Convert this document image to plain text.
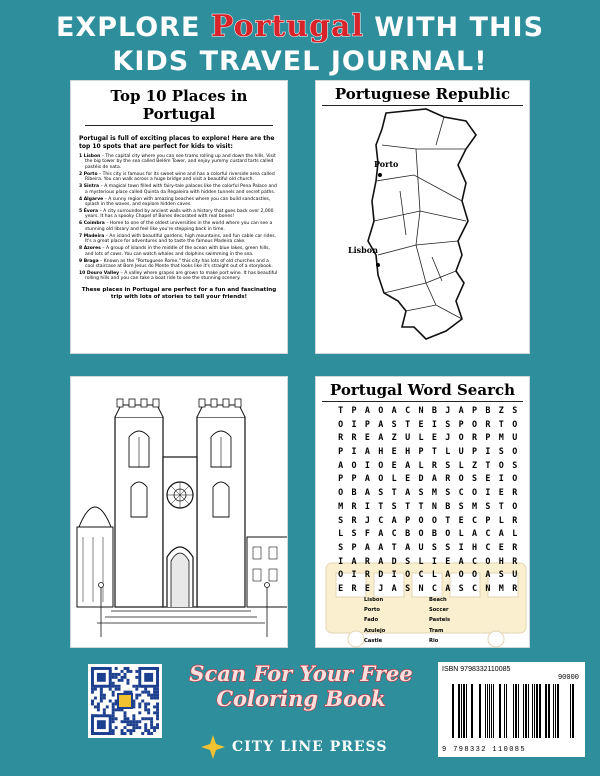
EXPLORE Portugal WITH THIS
KIDS TRAVEL JOURNAL!
Top 10 Places in Portugal
Portugal is full of exciting places to explore! Here are the top 10 spots that are perfect for kids to visit:
1 Lisbon – The capital city where you can see trams rolling up and down the hills. Visit the big tower by the sea called Belém Tower, and enjoy yummy custard tarts called pastéis de nata.
2 Porto – This city is famous for its sweet wine and has a colorful riverside area called Ribeira. You can walk across a huge bridge and visit a beautiful old church.
3 Sintra – A magical town filled with fairy-tale palaces like the colorful Pena Palace and a mysterious place called Quinta da Regaleira with hidden tunnels and secret paths.
4 Algarve – A sunny region with amazing beaches where you can build sandcastles, splash in the waves, and explore hidden caves.
5 Évora – A city surrounded by ancient walls with a history that goes back over 2,000 years. It has a spooky Chapel of Bones decorated with real bones!
6 Coimbra – Home to one of the oldest universities in the world where you can see a stunning old library and feel like you're stepping back in time.
7 Madeira – An island with beautiful gardens, high mountains, and fun cable car rides. It's a great place for adventures and to taste the famous Madeira cake.
8 Azores – A group of islands in the middle of the ocean with blue lakes, green hills, and lots of cows. You can watch whales and dolphins swimming in the sea.
9 Braga – Known as the "Portuguese Rome," this city has lots of old churches and a cool staircase at Bom Jesus do Monte that looks like it's straight out of a storybook.
10 Douro Valley – A valley where grapes are grown to make port wine. It has beautiful rolling hills and you can take a boat ride to see the stunning scenery.
These places in Portugal are perfect for a fun and fascinating trip with lots of stories to tell your friends!
Portuguese Republic
Porto
Lisbon
Portugal Word Search
T P A O A C N B J A P B Z S
O I P A S T E I S P O R T O
R R E A Z U L E J O R P M U
P I A H E H P T L U P I S O
A O I O E A L R S L Z T O S
P P A O L E D A R O S E I O
O B A S T A S M S C O I E R
M R I T S T T N B S M S T O
S R J C A P O O T E C P L R
L S F A C B O B O L A C A L
S P A A T A U S S I H C E R
I A R A D S L I E A C O H R
O I R D I O C L A O O A S U
E R E J A S N C A S C N M R
Lisbon	Beach
Porto	Soccer
Fado	Pasteis
Azulejo	Tram
Castle	Rio
Scan For Your Free
Coloring Book
CITY LINE PRESS
ISBN 9798332110085
90000
9 798332 110085
